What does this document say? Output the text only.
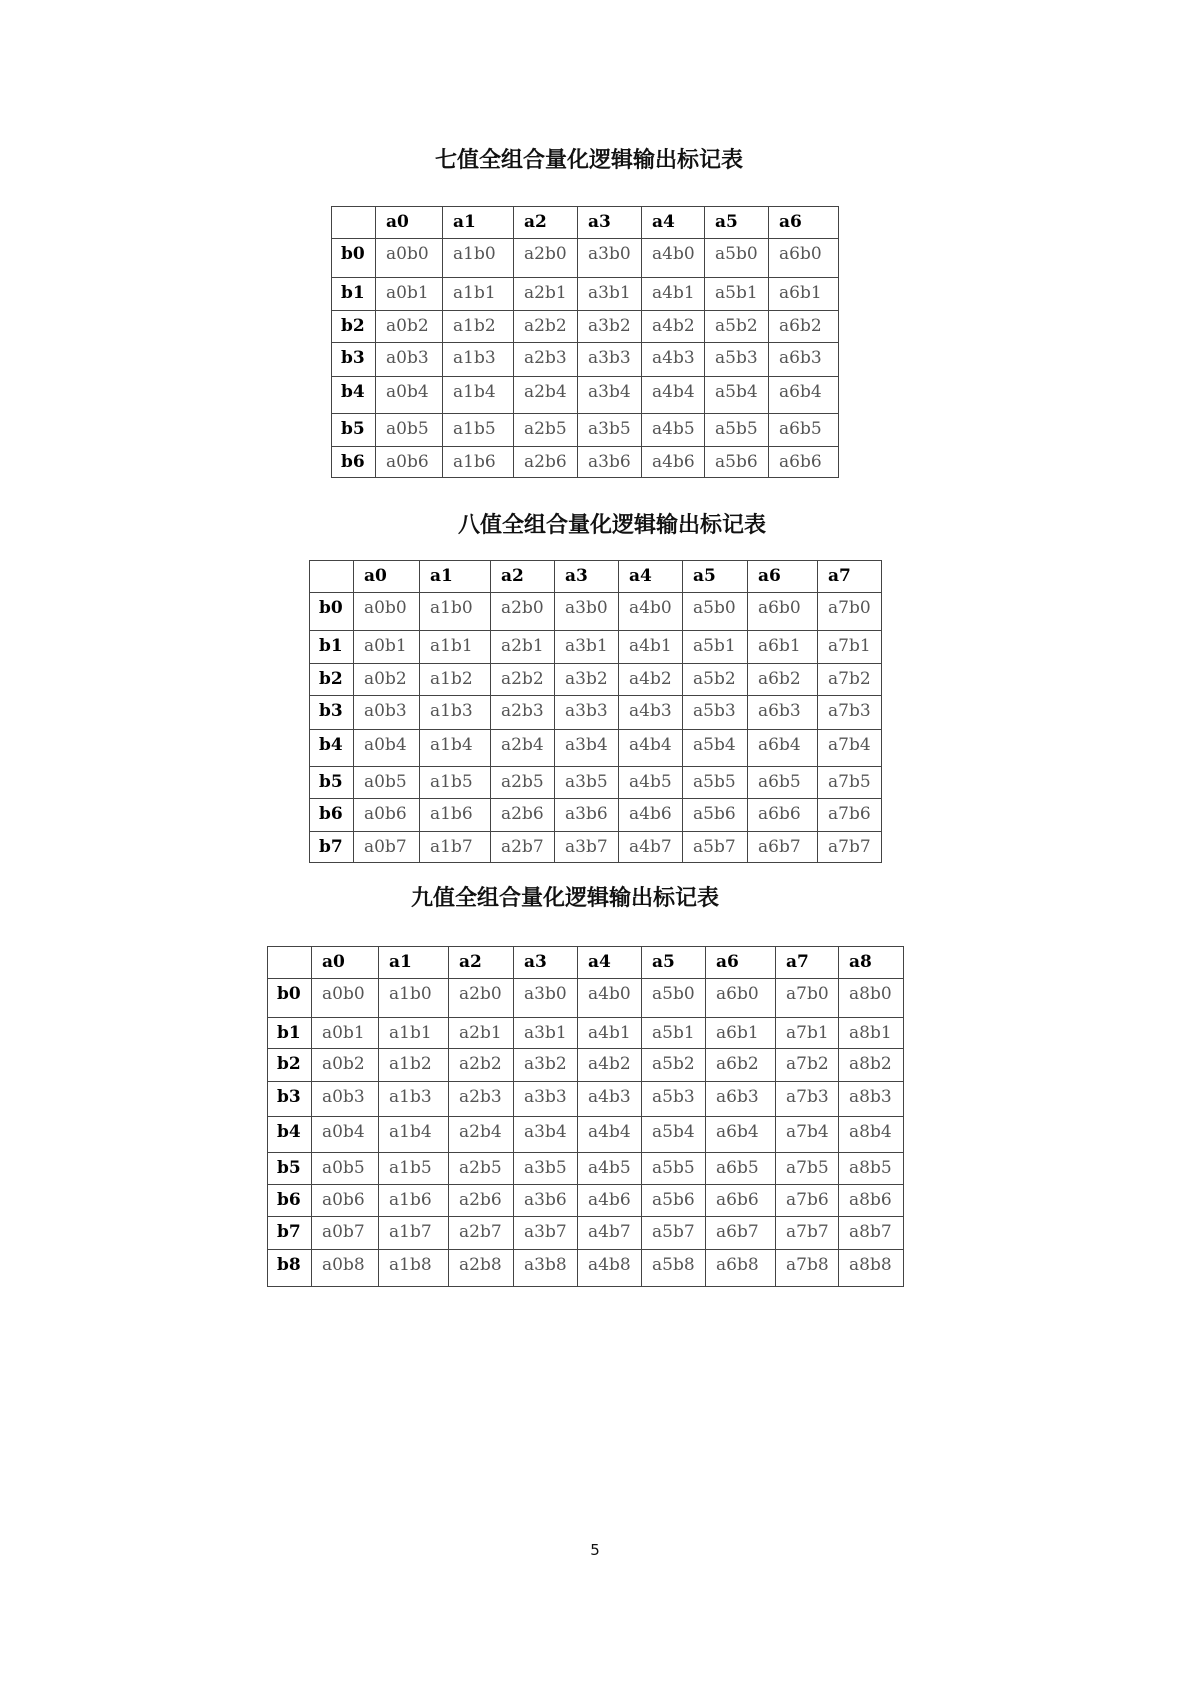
七值全组合量化逻辑输出标记表

	a0	a1	a2	a3	a4	a5	a6

b0	a0b0	a1b0	a2b0	a3b0	a4b0	a5b0	a6b0

b1	a0b1	a1b1	a2b1	a3b1	a4b1	a5b1	a6b1

b2	a0b2	a1b2	a2b2	a3b2	a4b2	a5b2	a6b2

b3	a0b3	a1b3	a2b3	a3b3	a4b3	a5b3	a6b3

b4	a0b4	a1b4	a2b4	a3b4	a4b4	a5b4	a6b4

b5	a0b5	a1b5	a2b5	a3b5	a4b5	a5b5	a6b5

b6	a0b6	a1b6	a2b6	a3b6	a4b6	a5b6	a6b6
八值全组合量化逻辑输出标记表

	a0	a1	a2	a3	a4	a5	a6	a7

b0	a0b0	a1b0	a2b0	a3b0	a4b0	a5b0	a6b0	a7b0

b1	a0b1	a1b1	a2b1	a3b1	a4b1	a5b1	a6b1	a7b1

b2	a0b2	a1b2	a2b2	a3b2	a4b2	a5b2	a6b2	a7b2

b3	a0b3	a1b3	a2b3	a3b3	a4b3	a5b3	a6b3	a7b3

b4	a0b4	a1b4	a2b4	a3b4	a4b4	a5b4	a6b4	a7b4

b5	a0b5	a1b5	a2b5	a3b5	a4b5	a5b5	a6b5	a7b5

b6	a0b6	a1b6	a2b6	a3b6	a4b6	a5b6	a6b6	a7b6

b7	a0b7	a1b7	a2b7	a3b7	a4b7	a5b7	a6b7	a7b7
九值全组合量化逻辑输出标记表

	a0	a1	a2	a3	a4	a5	a6	a7	a8

b0	a0b0	a1b0	a2b0	a3b0	a4b0	a5b0	a6b0	a7b0	a8b0

b1	a0b1	a1b1	a2b1	a3b1	a4b1	a5b1	a6b1	a7b1	a8b1

b2	a0b2	a1b2	a2b2	a3b2	a4b2	a5b2	a6b2	a7b2	a8b2

b3	a0b3	a1b3	a2b3	a3b3	a4b3	a5b3	a6b3	a7b3	a8b3

b4	a0b4	a1b4	a2b4	a3b4	a4b4	a5b4	a6b4	a7b4	a8b4

b5	a0b5	a1b5	a2b5	a3b5	a4b5	a5b5	a6b5	a7b5	a8b5

b6	a0b6	a1b6	a2b6	a3b6	a4b6	a5b6	a6b6	a7b6	a8b6

b7	a0b7	a1b7	a2b7	a3b7	a4b7	a5b7	a6b7	a7b7	a8b7

b8	a0b8	a1b8	a2b8	a3b8	a4b8	a5b8	a6b8	a7b8	a8b8
5
